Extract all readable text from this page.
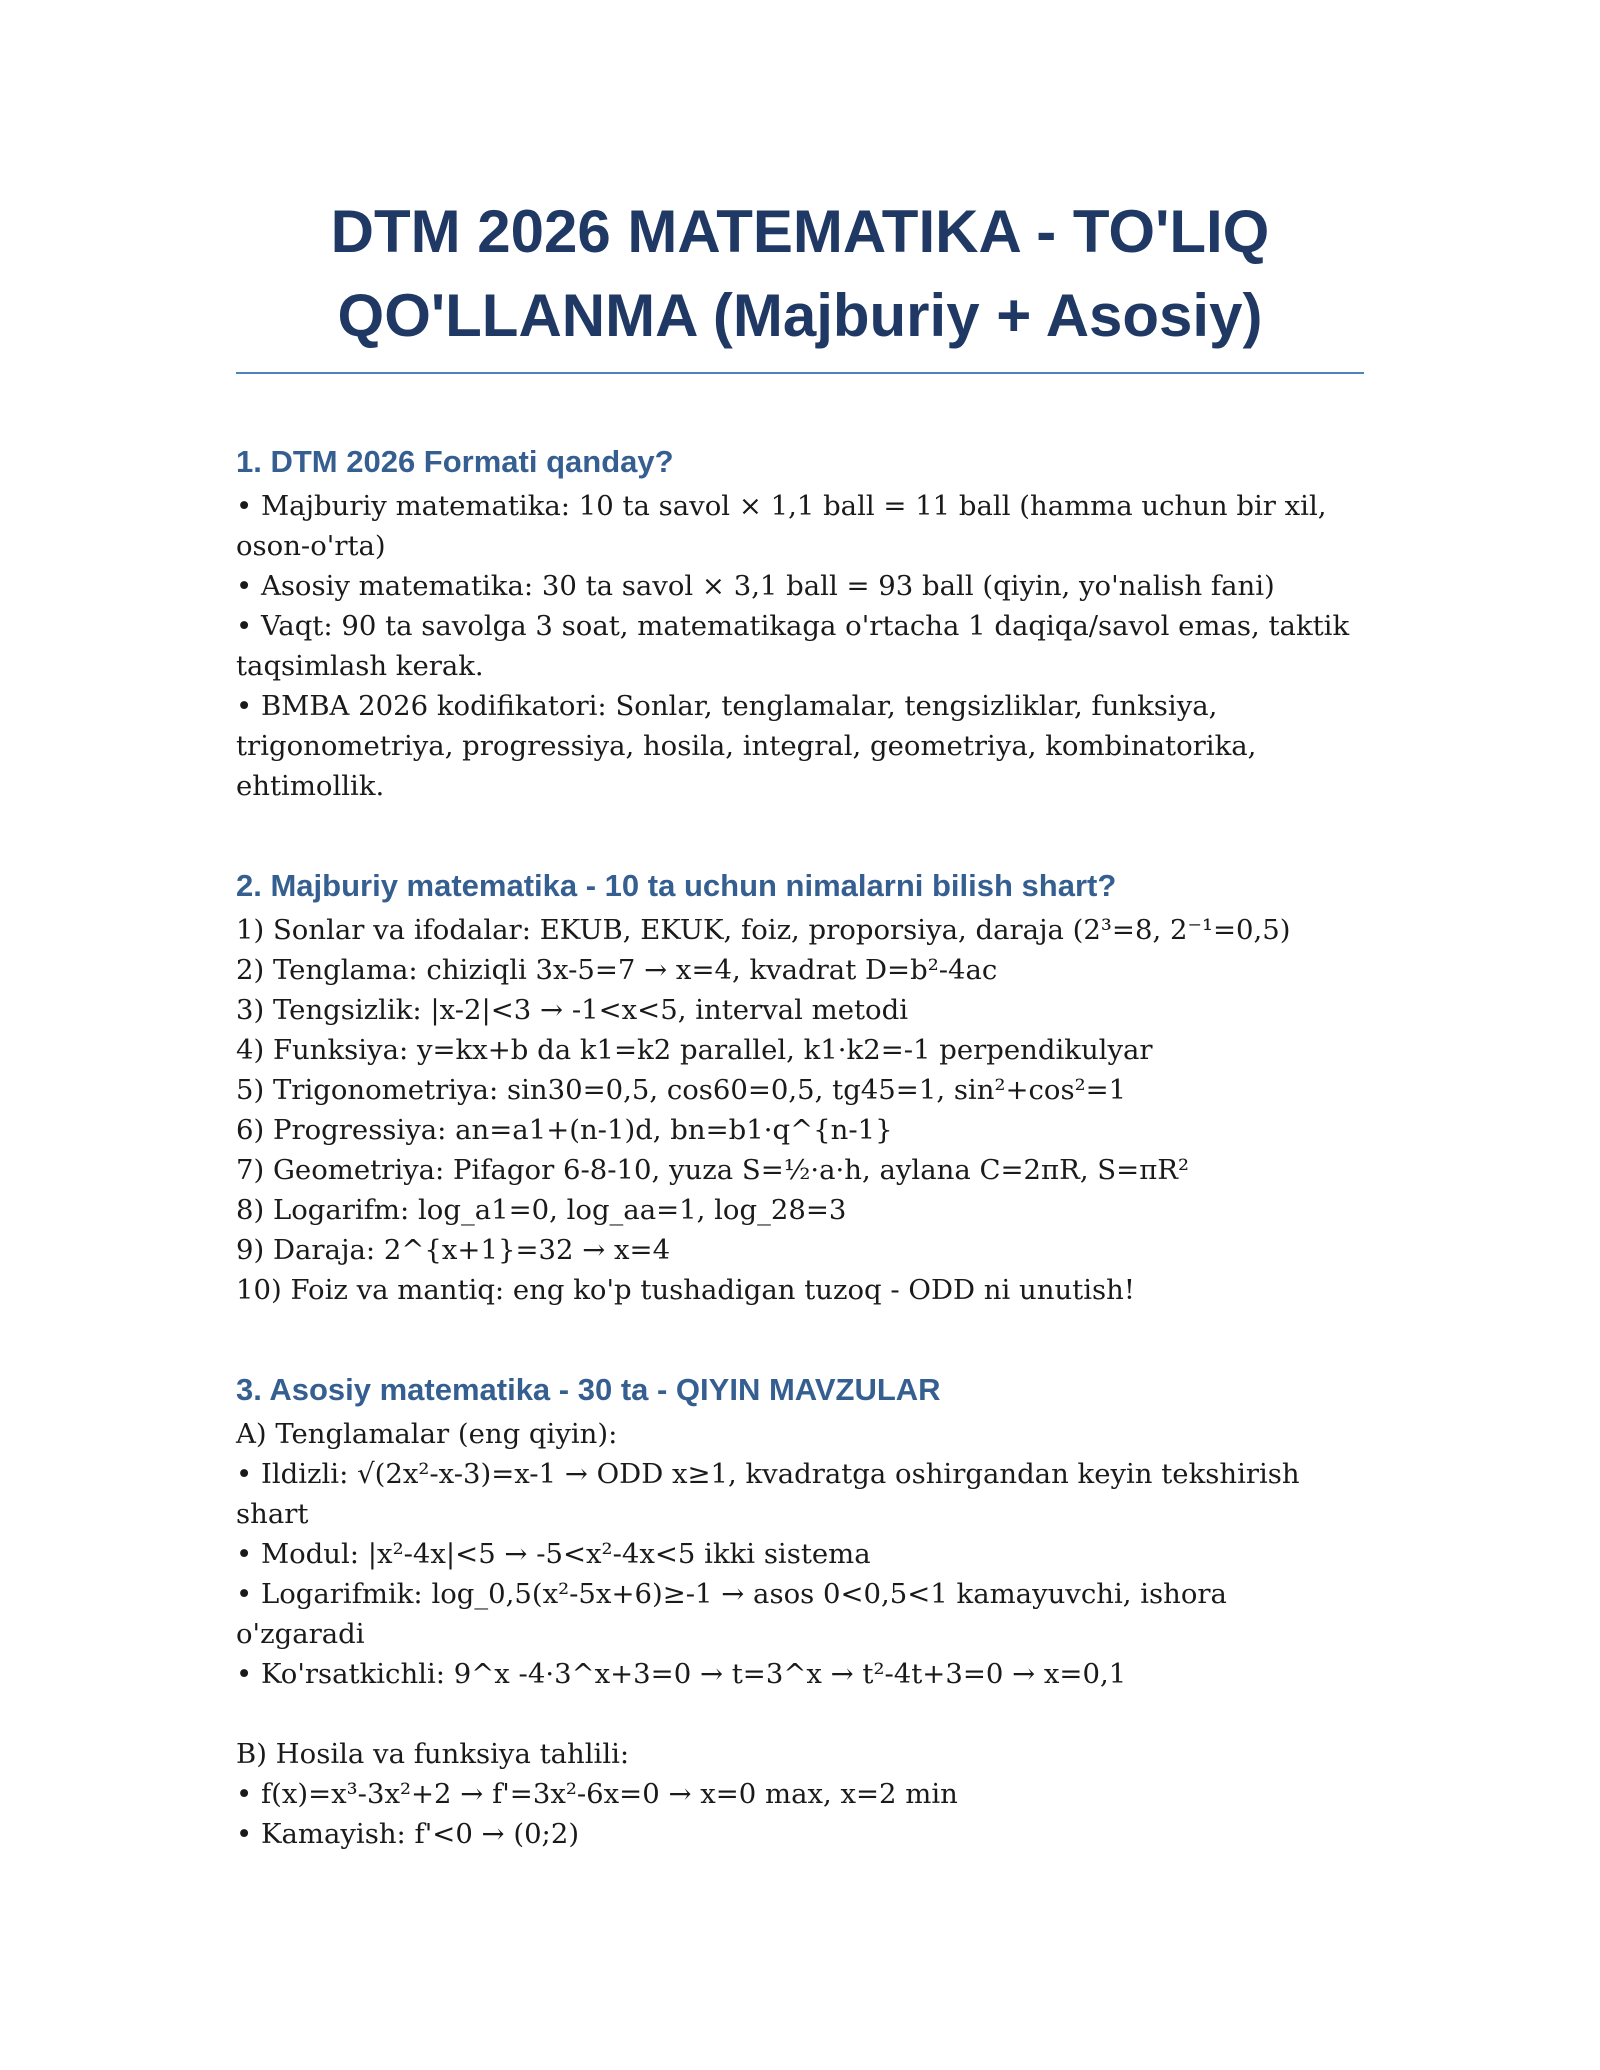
DTM 2026 MATEMATIKA - TO'LIQ QO'LLANMA (Majburiy + Asosiy)
1. DTM 2026 Formati qanday?

• Majburiy matematika: 10 ta savol × 1,1 ball = 11 ball (hamma uchun bir xil, oson-o'rta)

• Asosiy matematika: 30 ta savol × 3,1 ball = 93 ball (qiyin, yo'nalish fani)

• Vaqt: 90 ta savolga 3 soat, matematikaga o'rtacha 1 daqiqa/savol emas, taktik taqsimlash kerak.

• BMBA 2026 kodifikatori: Sonlar, tenglamalar, tengsizliklar, funksiya, trigonometriya, progressiya, hosila, integral, geometriya, kombinatorika, ehtimollik.

2. Majburiy matematika - 10 ta uchun nimalarni bilish shart?

1) Sonlar va ifodalar: EKUB, EKUK, foiz, proporsiya, daraja (2³=8, 2⁻¹=0,5)

2) Tenglama: chiziqli 3x-5=7 → x=4, kvadrat D=b²-4ac

3) Tengsizlik: |x-2|<3 → -1<x<5, interval metodi

4) Funksiya: y=kx+b da k1=k2 parallel, k1·k2=-1 perpendikulyar

5) Trigonometriya: sin30=0,5, cos60=0,5, tg45=1, sin²+cos²=1

6) Progressiya: an=a1+(n-1)d, bn=b1·q^{n-1}

7) Geometriya: Pifagor 6-8-10, yuza S=½·a·h, aylana C=2πR, S=πR²

8) Logarifm: log_a1=0, log_aa=1, log_28=3

9) Daraja: 2^{x+1}=32 → x=4

10) Foiz va mantiq: eng ko'p tushadigan tuzoq - ODD ni unutish!

3. Asosiy matematika - 30 ta - QIYIN MAVZULAR

A) Tenglamalar (eng qiyin):

• Ildizli: √(2x²-x-3)=x-1 → ODD x≥1, kvadratga oshirgandan keyin tekshirish shart

• Modul: |x²-4x|<5 → -5<x²-4x<5 ikki sistema

• Logarifmik: log_0,5(x²-5x+6)≥-1 → asos 0<0,5<1 kamayuvchi, ishora o'zgaradi

• Ko'rsatkichli: 9^x -4·3^x+3=0 → t=3^x → t²-4t+3=0 → x=0,1

B) Hosila va funksiya tahlili:

• f(x)=x³-3x²+2 → f'=3x²-6x=0 → x=0 max, x=2 min

• Kamayish: f'<0 → (0;2)
